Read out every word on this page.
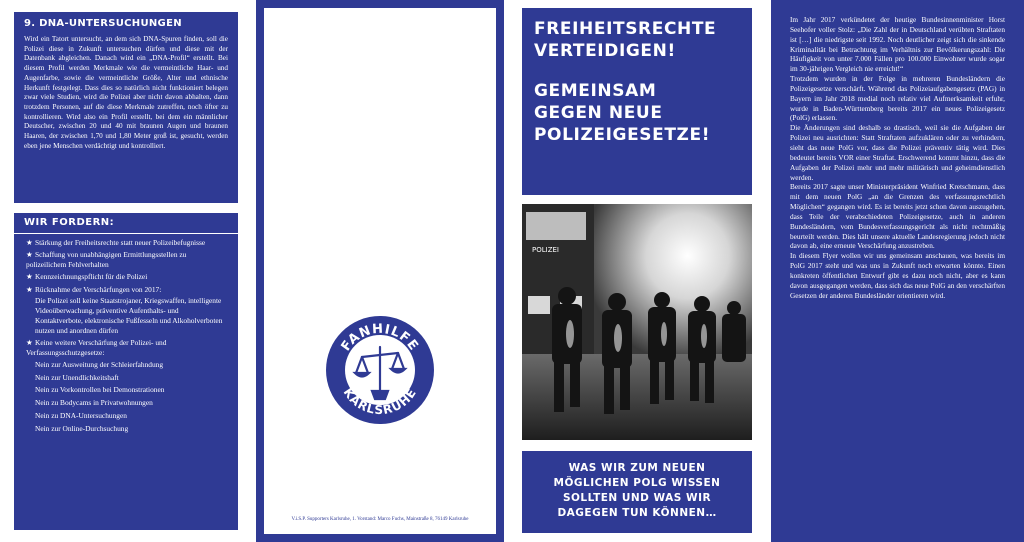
9. DNA-UNTERSUCHUNGEN

Wird ein Tatort untersucht, an dem sich DNA-Spuren finden, soll die Polizei diese in Zukunft untersuchen dürfen und diese mit der Datenbank abgleichen. Danach wird ein „DNA-Profil“ erstellt. Bei diesem Profil werden Merkmale wie die vermeintliche Haar- und Augenfarbe, sowie die vermeintliche Größe, Alter und ethnische Herkunft festgelegt. Dass dies so natürlich nicht funktioniert belegen zwar viele Studien, wird die Polizei aber nicht davon abhalten, dann trotzdem Personen, auf die diese Merkmale zutreffen, noch öfter zu kontrollieren. Wird also ein Profil erstellt, bei dem ein männlicher Deutscher, zwischen 20 und 40 mit braunen Augen und braunen Haaren, der zwischen 1,70 und 1,80 Meter groß ist, gesucht, werden eben jene Menschen verdächtigt und kontrolliert.

WIR FORDERN:
★ Stärkung der Freiheitsrechte statt neuer Polizeibefugnisse
★ Schaffung von unabhängigen Ermittlungsstellen zu polizeilichem Fehlverhalten
★ Kennzeichnungspflicht für die Polizei
★ Rücknahme der Verschärfungen von 2017:
Die Polizei soll keine Staatstrojaner, Kriegswaffen, intelligente Videoüberwachung, präventive Aufenthalts- und Kontaktverbote, elektronische Fußfesseln und Alkoholverboten nutzen und anordnen dürfen
★ Keine weitere Verschärfung der Polizei- und Verfassungsschutzgesetze:
Nein zur Ausweitung der Schleierfahndung
Nein zur Unendlichkeitshaft
Nein zu Vorkontrollen bei Demonstrationen
Nein zu Bodycams in Privatwohnungen
Nein zu DNA-Untersuchungen
Nein zur Online-Durchsuchung
WAS IHR DAGEGEN TUN KÖNNT…
★ Erzählt euren Freunden, Verwandten und Arbeitskollegen von den geplanten Verschärfungen und sensibilisiert so euer Umfeld für diese Thematik
★ Macht die Landtagsabgeordneten aus eurem Wahlkreis auf die Thematik aufmerksam
★ Unterschreibt die Petition für die Schaffung unabhängiger Polizeibeschwerdestellen auf www.profans.de
★ Schreibt euren Fanclub, Verein etc. auf die Unterstützerliste des Aktionsbündnisses unter no-polg-bw@mtmedia.org
★ Mobilisiert euren Freundeskreis und euren Fanclub für die
DEMO GEGEN
DIE NEUEN
POLIZEIGESETZE
13.10.19 ★ 14 UHR
SCHLOSSPLATZ KARLSRUHE
FANHILFE
KARLSRUHE
SPRICH NICHT MIT DER POLIZEI!
SPRICH MIT UNS!
WWW.FANHILFE-KARLSRUHE.DE
KONTAKT@FANHILFE-KARLSRUHE.DE
V.i.S.P. Supporters Karlsruhe, 1. Vorstand: Marco Fuchs, Mainstraße 8, 76149 Karlsruhe
FREIHEITSRECHTE
VERTEIDIGEN!
GEMEINSAM
GEGEN NEUE
POLIZEIGESETZE!
POLIZEI
WAS WIR ZUM NEUEN
MÖGLICHEN POLG WISSEN
SOLLTEN UND WAS WIR
DAGEGEN TUN KÖNNEN…

Im Jahr 2017 verkündetet der heutige Bundesinnenminister Horst Seehofer voller Stolz: „Die Zahl der in Deutschland verübten Straftaten ist […] die niedrigste seit 1992. Noch deutlicher zeigt sich die sinkende Kriminalität bei Betrachtung im Verhältnis zur Bevölkerungszahl: Die Häufigkeit von unter 7.000 Fällen pro 100.000 Einwohner wurde sogar im 30-jährigen Vergleich nie erreicht!“

Trotzdem wurden in der Folge in mehreren Bundesländern die Polizeigesetze verschärft. Während das Polizeiaufgabengesetz (PAG) in Bayern im Jahr 2018 medial noch relativ viel Aufmerksamkeit erfuhr, wurde in Baden-Württemberg bereits 2017 ein neues Polizeigesetz (PolG) erlassen.

Die Änderungen sind deshalb so drastisch, weil sie die Aufgaben der Polizei neu ausrichten: Statt Straftaten aufzuklären oder zu verhindern, sieht das neue PolG vor, dass die Polizei präventiv tätig wird. Dies bedeutet bereits VOR einer Straftat. Erschwerend kommt hinzu, dass die Aufgaben der Polizei mehr und mehr militärisch und geheimdienstlich werden.

Bereits 2017 sagte unser Ministerpräsident Winfried Kretschmann, dass mit dem neuen PolG „an die Grenzen des verfassungsrechtlich Möglichen“ gegangen wird. Es ist bereits jetzt schon davon auszugehen, dass Teile der verabschiedeten Polizeigesetze, auch in anderen Bundesländern, vom Bundesverfassungsgericht als nicht rechtmäßig beurteilt werden. Dies hält unsere aktuelle Landesregierung jedoch nicht davon ab, eine erneute Verschärfung anzustreben.

In diesem Flyer wollen wir uns gemeinsam anschauen, was bereits im PolG 2017 steht und was uns in Zukunft noch erwarten könnte. Einen konkreten öffentlichen Entwurf gibt es dazu noch nicht, aber es kann davon ausgegangen werden, dass sich das neue PolG an den verschärften Gesetzen der anderen Bundesländer orientieren wird.
